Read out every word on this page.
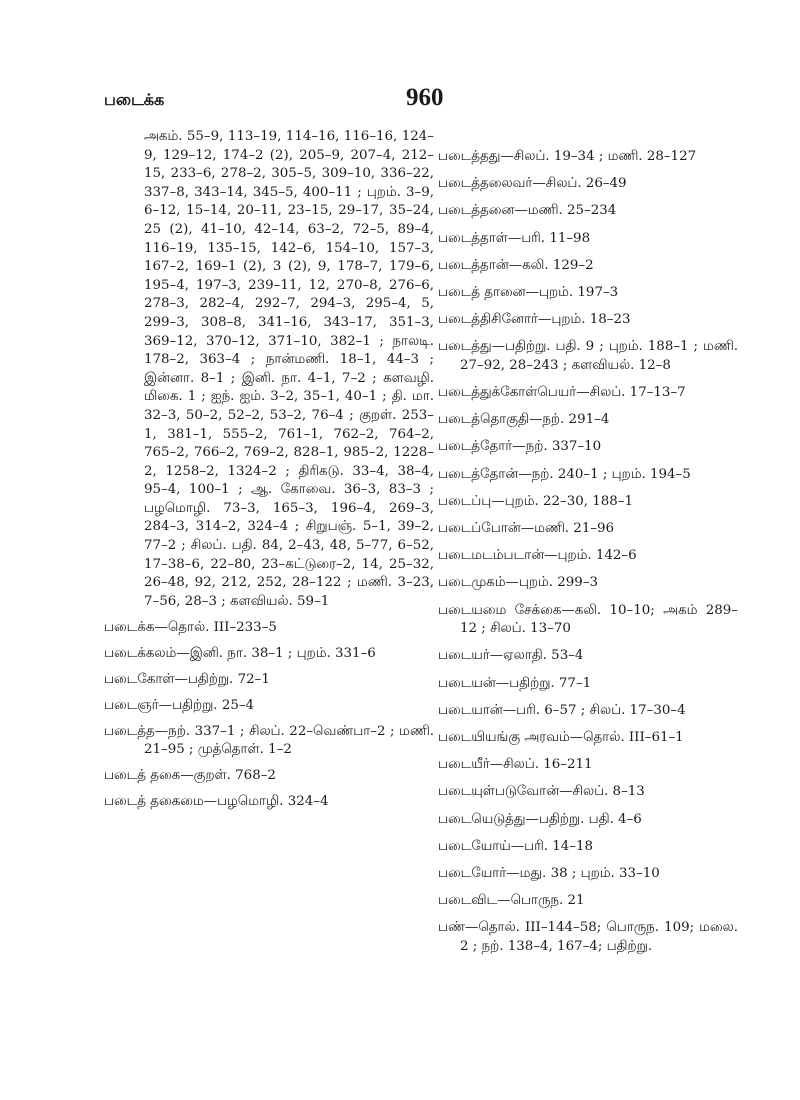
படைக்க	960
அகம். 55–9, 113–19, 114–16, 116–16, 124–9, 129–12, 174–2 (2), 205–9, 207–4, 212–15, 233–6, 278–2, 305–5, 309–10, 336–22, 337–8, 343–14, 345–5, 400–11 ; புறம். 3–9, 6–12, 15–14, 20–11, 23–15, 29–17, 35–24, 25 (2), 41–10, 42–14, 63–2, 72–5, 89–4, 116–19, 135–15, 142–6, 154–10, 157–3, 167–2, 169–1 (2), 3 (2), 9, 178–7, 179–6, 195–4, 197–3, 239–11, 12, 270–8, 276–6, 278–3, 282–4, 292–7, 294–3, 295–4, 5, 299–3, 308–8, 341–16, 343–17, 351–3, 369–12, 370–12, 371–10, 382–1 ; நாலடி. 178–2, 363–4 ; நான்மணி. 18–1, 44–3 ; இன்னா. 8–1 ; இனி. நா. 4–1, 7–2 ; களவழி. மிகை. 1 ; ஐந். ஐம். 3–2, 35–1, 40–1 ; தி. மா. 32–3, 50–2, 52–2, 53–2, 76–4 ; குறள். 253–1, 381–1, 555–2, 761–1, 762–2, 764–2, 765–2, 766–2, 769–2, 828–1, 985–2, 1228–2, 1258–2, 1324–2 ; திரிகடு. 33–4, 38–4, 95–4, 100–1 ; ஆ. கோவை. 36–3, 83–3 ; பழமொழி. 73–3, 165–3, 196–4, 269–3, 284–3, 314–2, 324–4 ; சிறுபஞ். 5–1, 39–2, 77–2 ; சிலப். பதி. 84, 2–43, 48, 5–77, 6–52, 17–38–6, 22–80, 23–கட்டுரை–2, 14, 25–32, 26–48, 92, 212, 252, 28–122 ; மணி. 3–23, 7–56, 28–3 ; களவியல். 59–1
படைக்க—தொல். III–233–5
படைக்கலம்—இனி. நா. 38–1 ; புறம். 331–6
படைகோள்—பதிற்று. 72–1
படைஞர்—பதிற்று. 25–4
படைத்த—நற். 337–1 ; சிலப். 22–வெண்பா–2 ; மணி. 21–95 ; முத்தொள். 1–2
படைத் தகை—குறள். 768–2
படைத் தகைமை—பழமொழி. 324–4
படைத்தது—சிலப். 19–34 ; மணி. 28–127
படைத்தலைவர்—சிலப். 26–49
படைத்தனை—மணி. 25–234
படைத்தாள்—பரி. 11–98
படைத்தான்—கலி. 129–2
படைத் தானை—புறம். 197–3
படைத்திசினோர்—புறம். 18–23
படைத்து—பதிற்று. பதி. 9 ; புறம். 188–1 ; மணி. 27–92, 28–243 ; களவியல். 12–8
படைத்துக்கோள்பெயர்—சிலப். 17–13–7
படைத்தொகுதி—நற். 291–4
படைத்தோர்—நற். 337–10
படைத்தோன்—நற். 240–1 ; புறம். 194–5
படைப்பு—புறம். 22–30, 188–1
படைப்போன்—மணி. 21–96
படைமடம்படான்—புறம். 142–6
படைமுகம்—புறம். 299–3
படையமை சேக்கை—கலி. 10–10; அகம் 289–12 ; சிலப். 13–70
படையர்—ஏலாதி. 53–4
படையன்—பதிற்று. 77–1
படையான்—பரி. 6–57 ; சிலப். 17–30–4
படையியங்கு அரவம்—தொல். III–61–1
படையீர்—சிலப். 16–211
படையுள்படுவோன்—சிலப். 8–13
படையெடுத்து—பதிற்று. பதி. 4–6
படையோய்—பரி. 14–18
படையோர்—மது. 38 ; புறம். 33–10
படைவிட—பொருந. 21
பண்—தொல். III–144–58; பொருந. 109; மலை. 2 ; நற். 138–4, 167–4; பதிற்று.
